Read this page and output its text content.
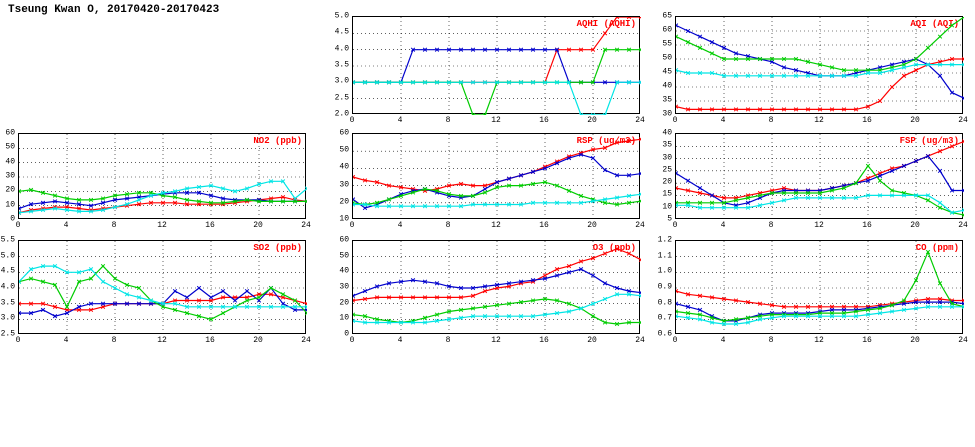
Tseung Kwan O, 20170420-20170423
AQHI (AQHI)
2.0
2.5
3.0
3.5
4.0
4.5
5.0
0	4	8	12	16	20	24
AQI (AQI)
30
35
40
45
50
55
60
65
0	4	8	12	16	20	24
NO2 (ppb)
0
10
20
30
40
50
60
0	4	8	12	16	20	24
RSP (ug/m3)
10
20
30
40
50
60
0	4	8	12	16	20	24
FSP (ug/m3)
5
10
15
20
25
30
35
40
0	4	8	12	16	20	24
SO2 (ppb)
2.5
3.0
3.5
4.0
4.5
5.0
5.5
0	4	8	12	16	20	24
O3 (ppb)
0
10
20
30
40
50
60
0	4	8	12	16	20	24
CO (ppm)
0.6
0.7
0.8
0.9
1.0
1.1
1.2
0	4	8	12	16	20	24
